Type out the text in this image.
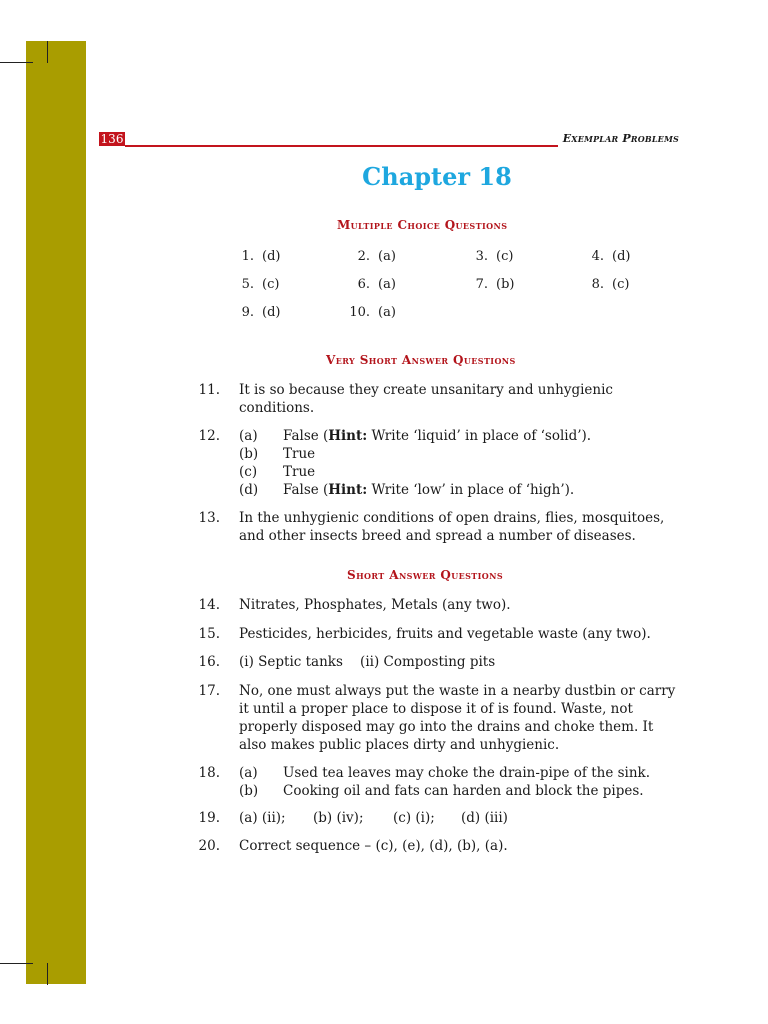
136	Exemplar Problems
Chapter 18
Multiple Choice Questions
1. (d)	2. (a)	3. (c)	4. (d)
5. (c)	6. (a)	7. (b)	8. (c)
9. (d)	10. (a)
Very Short Answer Questions
11. It is so because they create unsanitary and unhygienic conditions.
12. (a) False (Hint: Write ‘liquid’ in place of ‘solid’).
(b) True
(c) True
(d) False (Hint: Write ‘low’ in place of ‘high’).
13. In the unhygienic conditions of open drains, flies, mosquitoes, and other insects breed and spread a number of diseases.
Short Answer Questions
14. Nitrates, Phosphates, Metals (any two).
15. Pesticides, herbicides, fruits and vegetable waste (any two).
16. (i) Septic tanks    (ii) Composting pits
17. No, one must always put the waste in a nearby dustbin or carry it until a proper place to dispose it of is found. Waste, not properly disposed may go into the drains and choke them. It also makes public places dirty and unhygienic.
18. (a) Used tea leaves may choke the drain-pipe of the sink.
(b) Cooking oil and fats can harden and block the pipes.
19. (a) (ii); (b) (iv); (c) (i); (d) (iii)
20. Correct sequence – (c), (e), (d), (b), (a).
